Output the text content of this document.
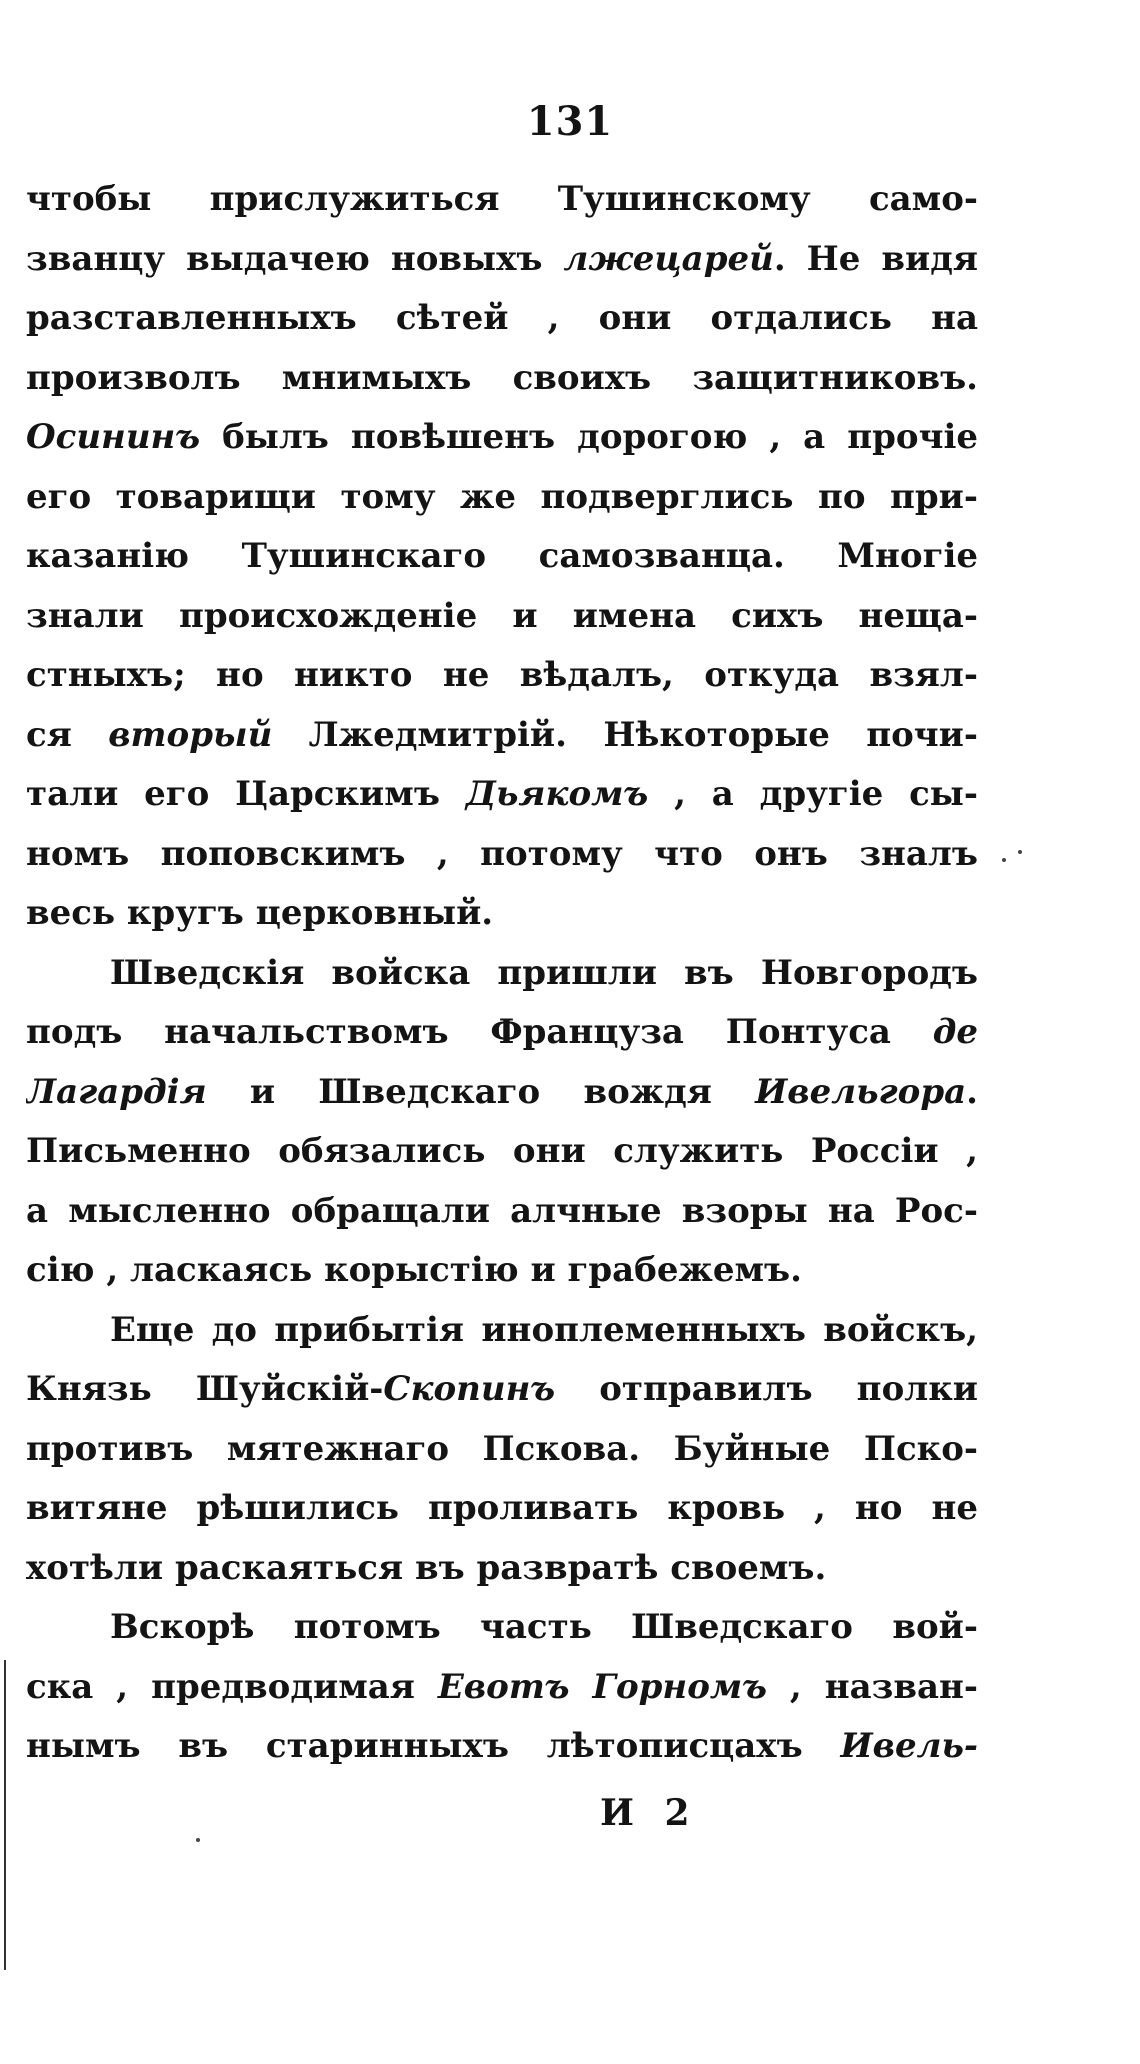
131
чтобы прислужиться Тушинскому само-
званцу выдачею новыхъ лжецарей. Не видя
разставленныхъ сѣтей , они отдались на
произволъ мнимыхъ своихъ защитниковъ.
Осининъ былъ повѣшенъ дорогою , а прочіе
его товарищи тому же подверглись по при-
казанію Тушинскаго самозванца. Многіе
знали происхожденіе и имена сихъ неща-
стныхъ; но никто не вѣдалъ, откуда взял-
ся вторый Лжедмитрій. Нѣкоторые почи-
тали его Царскимъ Дьякомъ , а другіе сы-
номъ поповскимъ , потому что онъ зналъ
весь кругъ церковный.
Шведскія войска пришли въ Новгородъ
подъ начальствомъ Француза Понтуса де
Лагардія и Шведскаго вождя Ивельгора.
Письменно обязались они служить Россіи ,
а мысленно обращали алчные взоры на Рос-
сію , ласкаясь корыстію и грабежемъ.
Еще до прибытія иноплеменныхъ войскъ,
Князь Шуйскій-Скопинъ отправилъ полки
противъ мятежнаго Пскова. Буйные Пско-
витяне рѣшились проливать кровь , но не
хотѣли раскаяться въ развратѣ своемъ.
Вскорѣ потомъ часть Шведскаго вой-
ска , предводимая Евотъ Горномъ , назван-
нымъ въ старинныхъ лѣтописцахъ Ивель-
И 2
